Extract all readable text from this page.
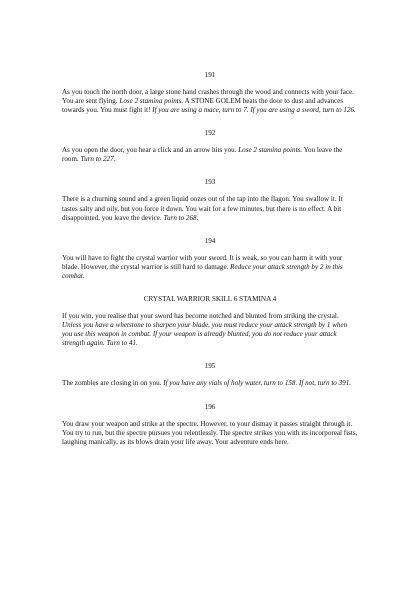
191

As you touch the north door, a large stone hand crashes through the wood and connects with your face. You are sent flying. Lose 2 stamina points. A STONE GOLEM beats the door to dust and advances towards you. You must fight it! If you are using a mace, turn to 7. If you are using a sword, turn to 126.

192

As you open the door, you hear a click and an arrow hits you. Lose 2 stamina points. You leave the room. Turn to 227.

193

There is a churning sound and a green liquid oozes out of the tap into the flagon. You swallow it. It tastes salty and oily, but you force it down. You wait for a few minutes, but there is no effect. A bit disappointed, you leave the device. Turn to 268.

194

You will have to fight the crystal warrior with your sword. It is weak, so you can harm it with your blade. However, the crystal warrior is still hard to damage. Reduce your attack strength by 2 in this combat.

CRYSTAL WARRIOR SKILL 6 STAMINA 4

If you win, you realise that your sword has become notched and blunted from striking the crystal. Unless you have a whetstone to sharpen your blade, you must reduce your attack strength by 1 when you use this weapon in combat. If your weapon is already blunted, you do not reduce your attack strength again. Turn to 41.

195

The zombies are closing in on you. If you have any vials of holy water, turn to 158. If not, turn to 391.

196

You draw your weapon and strike at the spectre. However, to your dismay it passes straight through it. You try to run, but the spectre pursues you relentlessly. The spectre strikes you with its incorporeal fists, laughing manically, as its blows drain your life away. Your adventure ends here.
